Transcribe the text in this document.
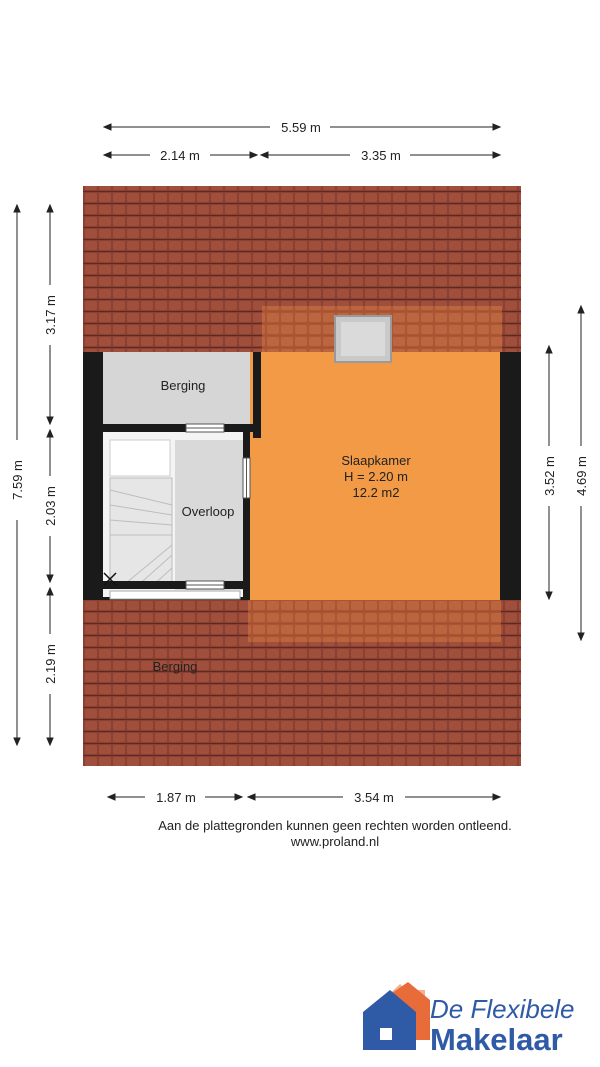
Berging
Overloop
Slaapkamer
H = 2.20 m
12.2 m2
Berging
5.59 m
2.14 m	3.35 m
7.59 m
3.17 m
2.03 m
2.19 m
3.52 m 4.69 m
1.87 m	3.54 m
Aan de plattegronden kunnen geen rechten worden ontleend.
www.proland.nl
De Flexibele
Makelaar
